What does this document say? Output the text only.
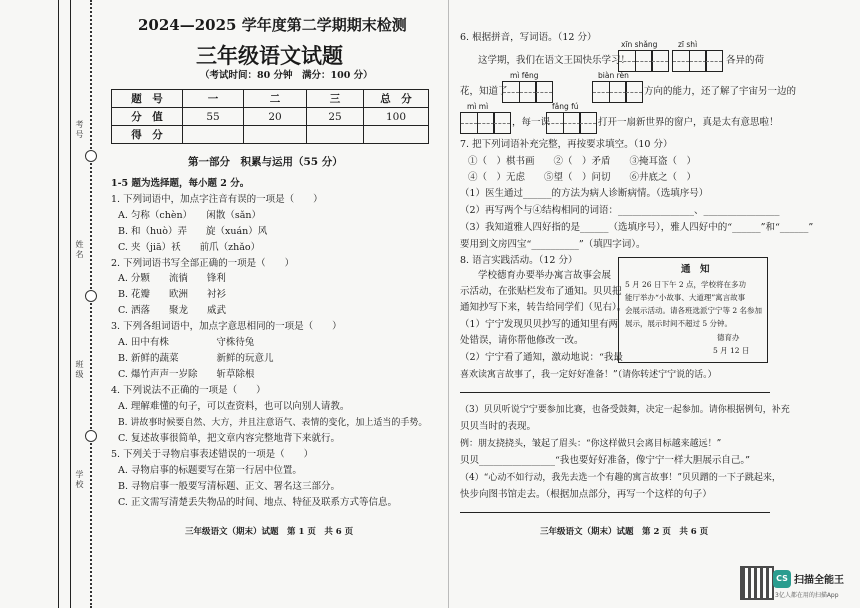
考号
姓名
班级
学校
2024—2025 学年度第二学期期末检测
三年级语文试题
（考试时间：80 分钟　满分：100 分）
题　号	一	二	三	总　分
分　值	55	20	25	100
得　分				
第一部分　积累与运用（55 分）
1-5 题为选择题，每小题 2 分。
1. 下列词语中，加点字注音有误的一项是（　　）
A. 匀称（chèn）　　闲散（sǎn）
B. 和（huò）弄　　旋（xuán）风
C. 夹（jiā）袄　　前爪（zhǎo）
2. 下列词语书写全部正确的一项是（　　）
A. 分颗　　流徜　　锋利
B. 花瓣　　欧洲　　衬衫
C. 洒落　　聚龙　　威武
3. 下列各组词语中，加点字意思相同的一项是（　　）
A. 田中有株　　　　　守株待兔
B. 新鲜的蔬菜　　　　新鲜的玩意儿
C. 爆竹声声一岁除　　斩草除根
4. 下列说法不正确的一项是（　　）
A. 理解难懂的句子，可以查资料，也可以向别人请教。
B. 讲故事时候要自然、大方，并且注意语气、表情的变化，加上适当的手势。
C. 复述故事很简单，把文章内容完整地背下来就行。
5. 下列关于寻物启事表述错误的一项是（　　）
A. 寻物启事的标题要写在第一行居中位置。
B. 寻物启事一般要写清标题、正文、署名这三部分。
C. 正文需写清楚丢失物品的时间、地点、特征及联系方式等信息。
三年级语文（期末）试题　第 1 页　共 6 页
6. 根据拼音，写词语。（12 分）
xīn shǎng	zī shì
这学期，我们在语文王国快乐学习！	各异的荷
mì fēng	biàn rèn
花，知道了	方向的能力，还了解了宇宙另一边的
mì mì	fǎng fú
，每一课	打开一扇新世界的窗户，真是太有意思啦！
7. 把下列词语补充完整，再按要求填空。（10 分）
①（　）棋书画　　②（　）矛盾　　③掩耳盗（　）
④（　）无虑　　⑤望（　）问切　　⑥井底之（　）
（1）医生通过______的方法为病人诊断病情。（选填序号）
（2）再写两个与④结构相同的词语：________________、________________
（3）我知道雅人四好指的是______（选填序号），雅人四好中的“______”和“______”
要用到文房四宝“__________”（填四字词）。
8. 语言实践活动。（12 分）
学校德育办要举办寓言故事会展
示活动，在张贴栏发布了通知。贝贝把
通知抄写下来，转告给同学们（见右）。
（1）宁宁发现贝贝抄写的通知里有两
处错误，请你帮他修改一改。
（2）宁宁看了通知，激动地说：“我最
喜欢读寓言故事了，我一定好好准备！”（请你转述宁宁说的话。）
通　知
5 月 26 日下午 2 点，学校将在多功
能厅举办“小故事、大道理”寓言故事
会展示活动。请各班选派宁宁等 2 名参加
展示，展示时间不超过 5 分钟。
德育办
5 月 12 日
（3）贝贝听说宁宁要参加比赛，也备受鼓舞，决定一起参加。请你根据例句，补充
贝贝当时的表现。
例：朋友挠挠头，皱起了眉头：“你这样做只会离目标越来越远！”
贝贝________________“我也要好好准备，像宁宁一样大胆展示自己。”
（4）“心动不如行动，我先去选一个有趣的寓言故事！”贝贝蹭的一下子跳起来，
快步向图书馆走去。（根据加点部分，再写一个这样的句子）
三年级语文（期末）试题　第 2 页　共 6 页
CS 扫描全能王
3亿人都在用的扫描App
